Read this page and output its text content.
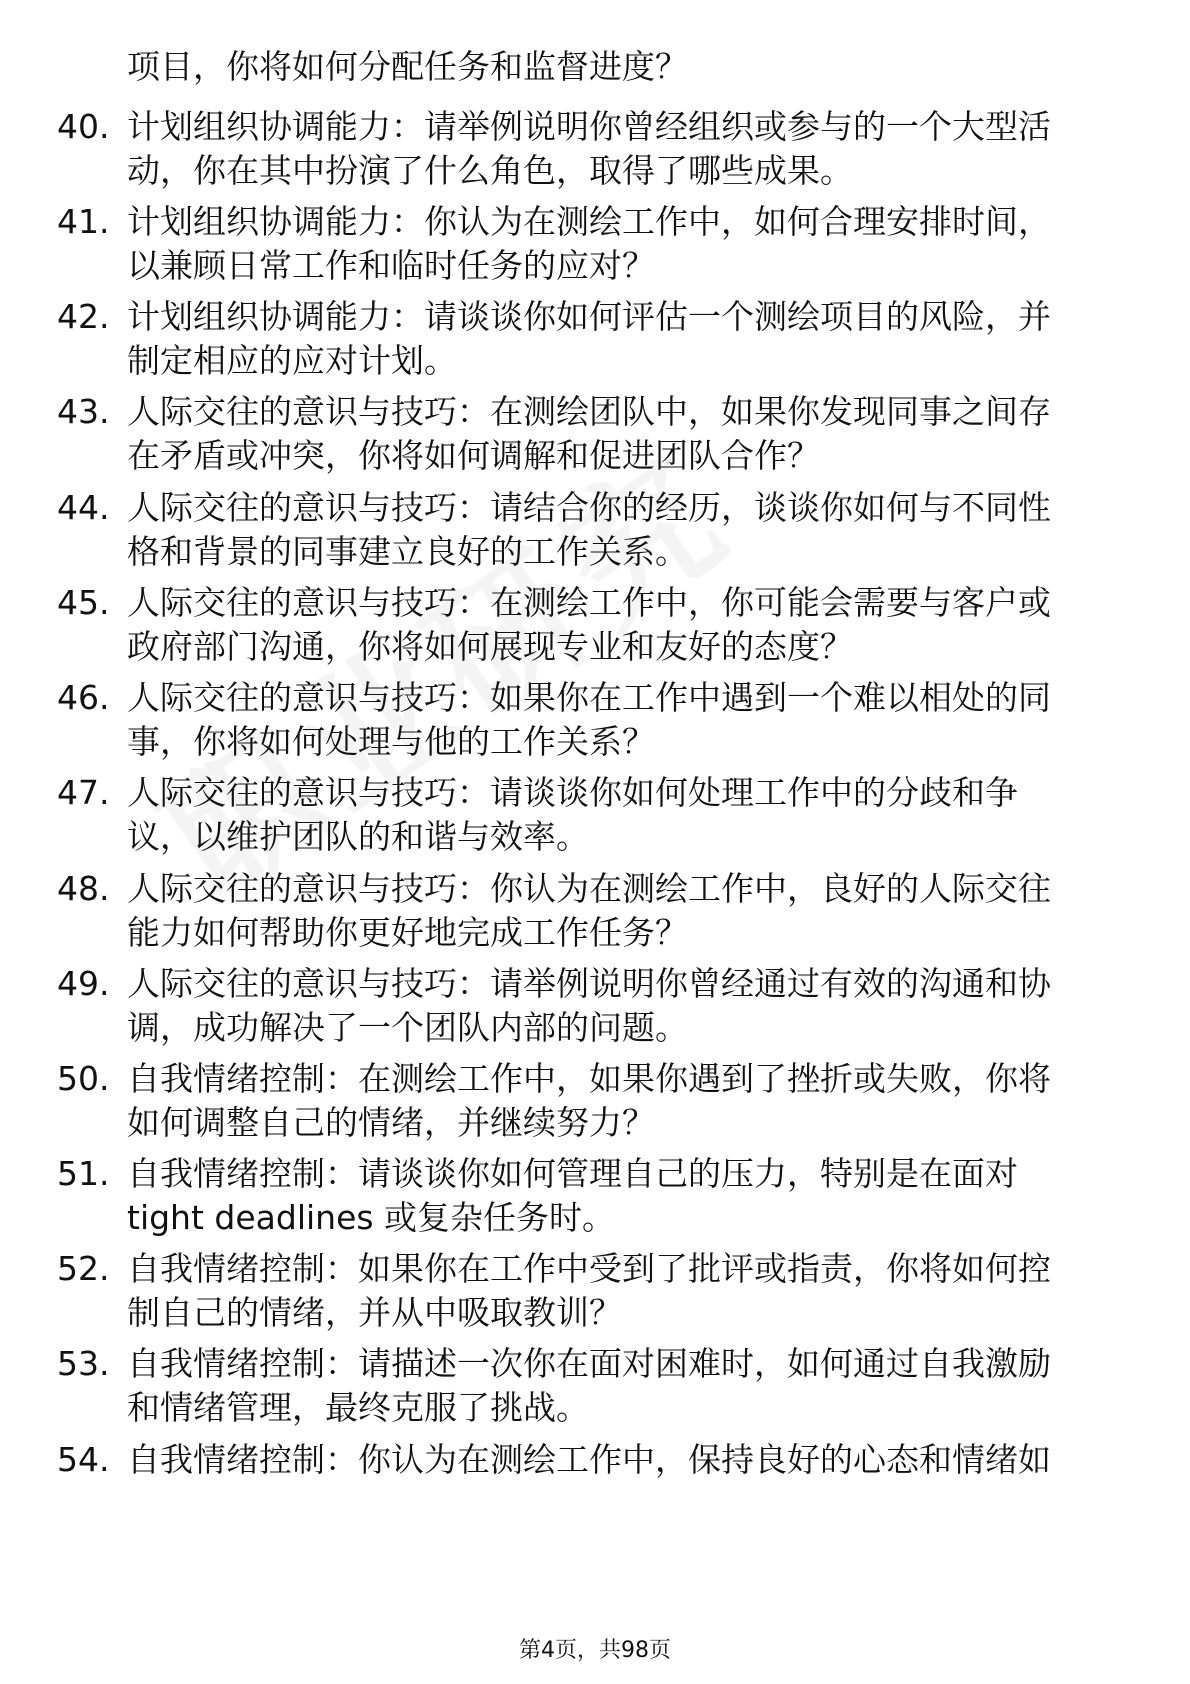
项目，你将如何分配任务和监督进度？
40. 计划组织协调能力：请举例说明你曾经组织或参与的一个大型活
动，你在其中扮演了什么角色，取得了哪些成果。
41. 计划组织协调能力：你认为在测绘工作中，如何合理安排时间，
以兼顾日常工作和临时任务的应对？
42. 计划组织协调能力：请谈谈你如何评估一个测绘项目的风险，并
制定相应的应对计划。
43. 人际交往的意识与技巧：在测绘团队中，如果你发现同事之间存
在矛盾或冲突，你将如何调解和促进团队合作？
44. 人际交往的意识与技巧：请结合你的经历，谈谈你如何与不同性
格和背景的同事建立良好的工作关系。
45. 人际交往的意识与技巧：在测绘工作中，你可能会需要与客户或
政府部门沟通，你将如何展现专业和友好的态度？
46. 人际交往的意识与技巧：如果你在工作中遇到一个难以相处的同
事，你将如何处理与他的工作关系？
47. 人际交往的意识与技巧：请谈谈你如何处理工作中的分歧和争
议，以维护团队的和谐与效率。
48. 人际交往的意识与技巧：你认为在测绘工作中，良好的人际交往
能力如何帮助你更好地完成工作任务？
49. 人际交往的意识与技巧：请举例说明你曾经通过有效的沟通和协
调，成功解决了一个团队内部的问题。
50. 自我情绪控制：在测绘工作中，如果你遇到了挫折或失败，你将
如何调整自己的情绪，并继续努力？
51. 自我情绪控制：请谈谈你如何管理自己的压力，特别是在面对
tight deadlines 或复杂任务时。
52. 自我情绪控制：如果你在工作中受到了批评或指责，你将如何控
制自己的情绪，并从中吸取教训？
53. 自我情绪控制：请描述一次你在面对困难时，如何通过自我激励
和情绪管理，最终克服了挑战。
54. 自我情绪控制：你认为在测绘工作中，保持良好的心态和情绪如
第4页，共98页
